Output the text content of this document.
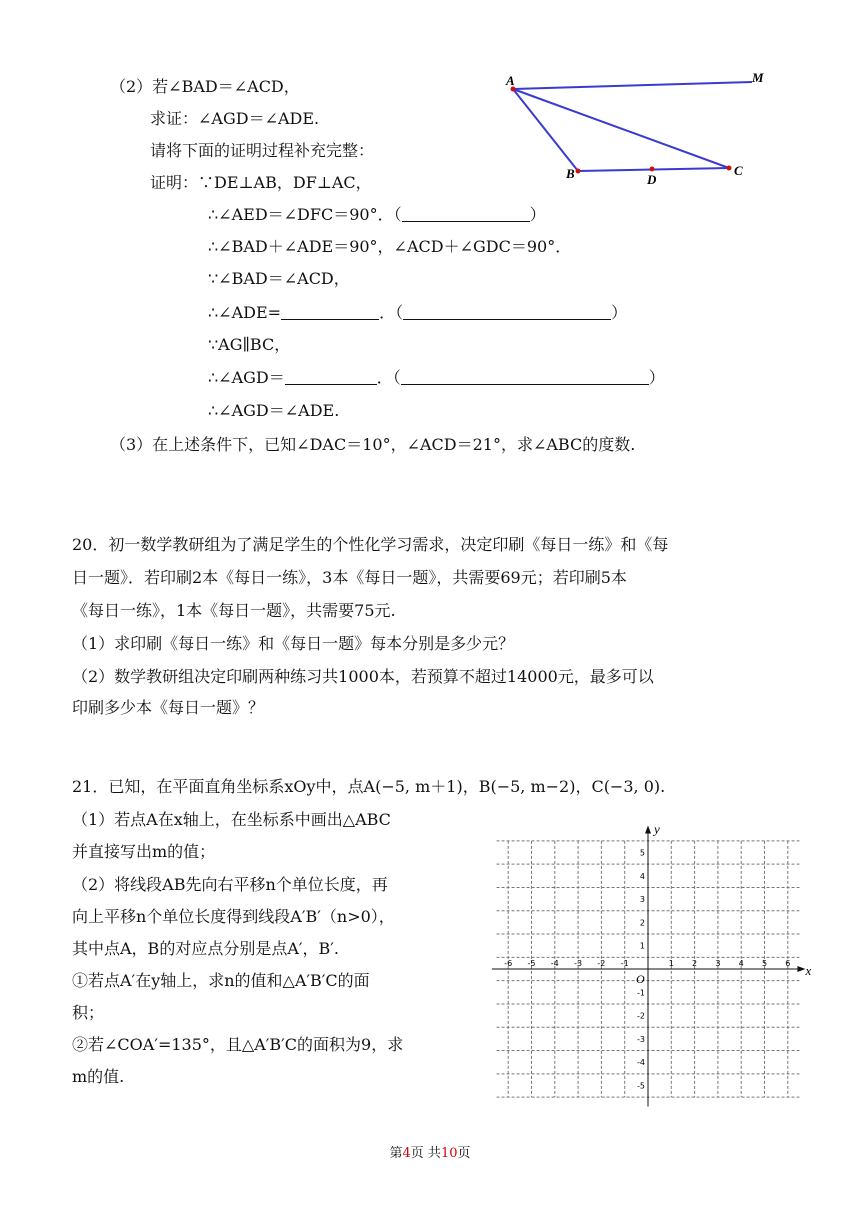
（2）若∠BAD＝∠ACD，
求证：∠AGD＝∠ADE.
请将下面的证明过程补充完整：
证明：∵DE⊥AB，DF⊥AC，
∴∠AED＝∠DFC＝90°．（	）
∴∠BAD＋∠ADE＝90°，∠ACD＋∠GDC＝90°．
∵∠BAD＝∠ACD，
∴∠ADE=	．（	）
∵AG∥BC，
∴∠AGD＝	．（	）
∴∠AGD＝∠ADE.
（3）在上述条件下，已知∠DAC＝10°，∠ACD＝21°，求∠ABC的度数.
A	M
B	D
C
20．初一数学教研组为了满足学生的个性化学习需求，决定印刷《每日一练》和《每
日一题》．若印刷2本《每日一练》，3本《每日一题》，共需要69元；若印刷5本
《每日一练》，1本《每日一题》，共需要75元.
（1）求印刷《每日一练》和《每日一题》每本分别是多少元？
（2）数学教研组决定印刷两种练习共1000本，若预算不超过14000元，最多可以
印刷多少本《每日一题》？
21．已知，在平面直角坐标系xOy中，点A(−5, m＋1)，B(−5, m−2)，C(−3, 0).
（1）若点A在x轴上，在坐标系中画出△ABC
并直接写出m的值；
（2）将线段AB先向右平移n个单位长度，再
向上平移n个单位长度得到线段A′B′（n>0），
其中点A，B的对应点分别是点A′，B′.
①若点A′在y轴上，求n的值和△A′B′C的面
积；
②若∠COA′=135°，且△A′B′C的面积为9，求
m的值.
x
y
O
-6 -5 -4 -3 -2 -1	1 2 3 4 5 6
5
4
3
2
1
-1
-2
-3
-4
-5
第4页 共10页
